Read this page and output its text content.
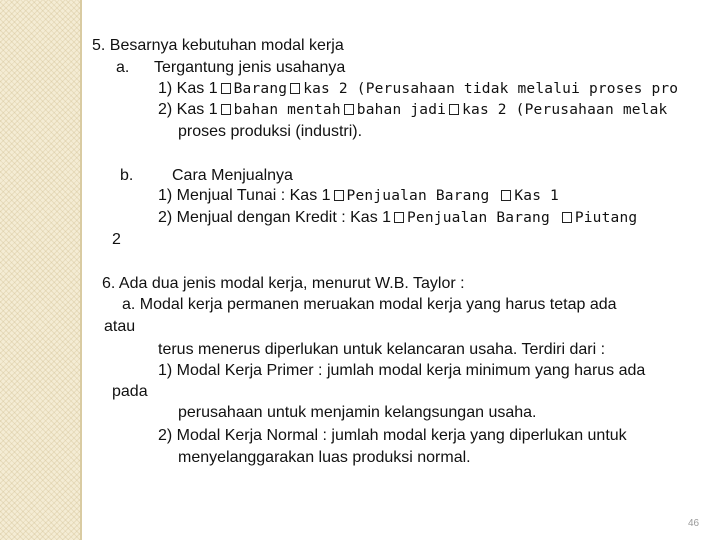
5. Besarnya kebutuhan modal kerja
a. Tergantung jenis usahanya
1) Kas 1 Barang kas 2 (Perusahaan tidak melalui proses pro
2) Kas 1 bahan mentah bahan jadi kas 2 (Perusahaan melak
proses produksi (industri).
b. Cara Menjualnya
1) Menjual Tunai : Kas 1 Penjualan Barang Kas 1
2) Menjual dengan Kredit : Kas 1 Penjualan Barang Piutang
2
6. Ada dua jenis modal kerja, menurut W.B. Taylor :
a. Modal kerja permanen meruakan modal kerja yang harus tetap ada
atau
terus menerus diperlukan untuk kelancaran usaha. Terdiri dari :
1) Modal Kerja Primer : jumlah modal kerja minimum yang harus ada
pada
perusahaan untuk menjamin kelangsungan usaha.
2) Modal Kerja Normal : jumlah modal kerja yang diperlukan untuk
menyelanggarakan luas produksi normal.
46
